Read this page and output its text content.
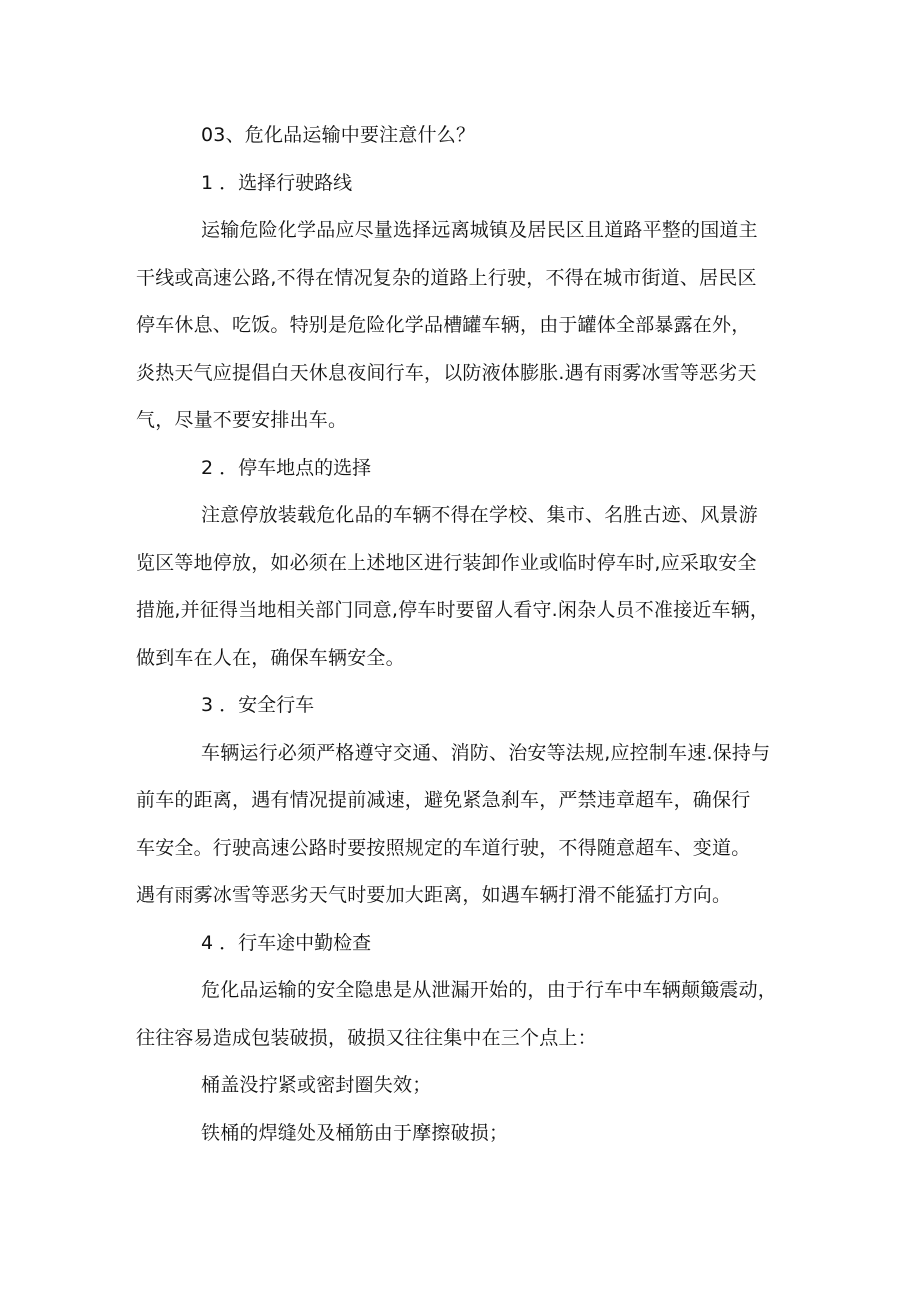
03、危化品运输中要注意什么？
1 ．选择行驶路线
运输危险化学品应尽量选择远离城镇及居民区且道路平整的国道主
干线或高速公路,不得在情况复杂的道路上行驶，不得在城市街道、居民区
停车休息、吃饭。特别是危险化学品槽罐车辆，由于罐体全部暴露在外，
炎热天气应提倡白天休息夜间行车，以防液体膨胀.遇有雨雾冰雪等恶劣天
气，尽量不要安排出车。
2 ．停车地点的选择
注意停放装载危化品的车辆不得在学校、集市、名胜古迹、风景游
览区等地停放，如必须在上述地区进行装卸作业或临时停车时,应采取安全
措施,并征得当地相关部门同意,停车时要留人看守.闲杂人员不准接近车辆，
做到车在人在，确保车辆安全。
3 ．安全行车
车辆运行必须严格遵守交通、消防、治安等法规,应控制车速.保持与
前车的距离，遇有情况提前减速，避免紧急刹车，严禁违章超车，确保行
车安全。行驶高速公路时要按照规定的车道行驶，不得随意超车、变道。
遇有雨雾冰雪等恶劣天气时要加大距离，如遇车辆打滑不能猛打方向。
4 ．行车途中勤检查
危化品运输的安全隐患是从泄漏开始的，由于行车中车辆颠簸震动，
往往容易造成包装破损，破损又往往集中在三个点上：
桶盖没拧紧或密封圈失效；
铁桶的焊缝处及桶筋由于摩擦破损；
